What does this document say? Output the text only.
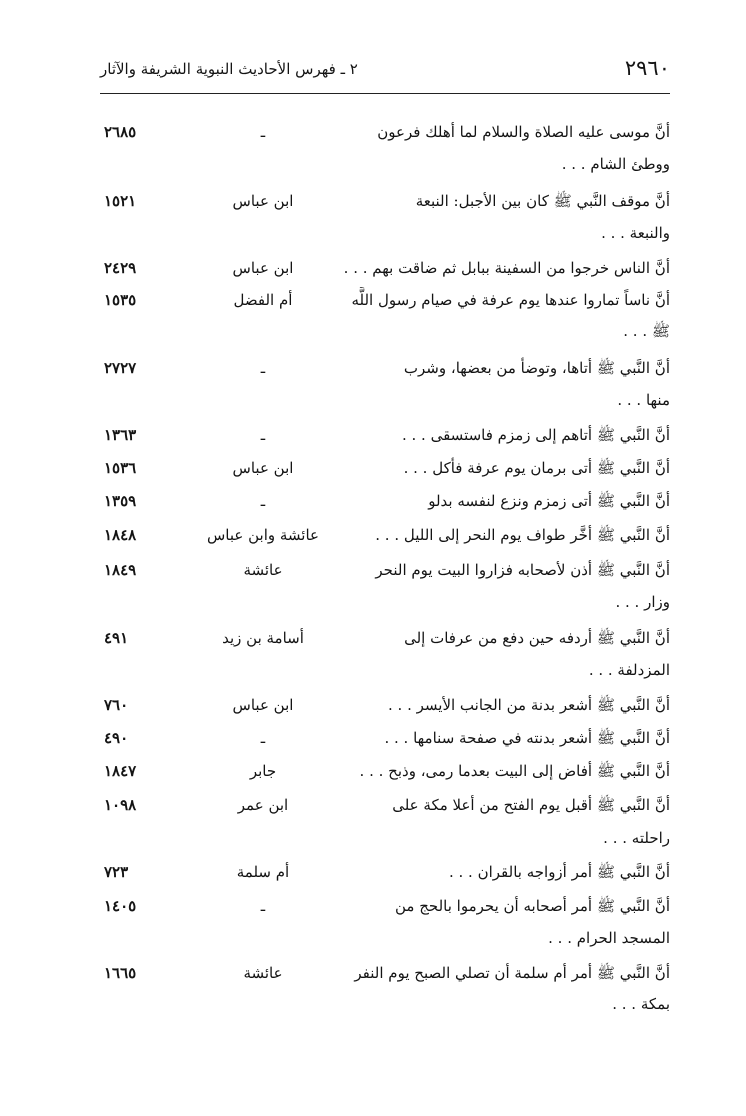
٢٩٦٠
٢ ـ فهرس الأحاديث النبوية الشريفة والآثار
أنَّ موسى عليه الصلاة والسلام لما أهلك فرعون
ـ
٢٦٨٥
ووطئ الشام . . .
أنَّ موقف النَّبي ﷺ كان بين الأجبل: النبعة
ابن عباس
١٥٢١
والنبعة . . .
أنَّ الناس خرجوا من السفينة ببابل ثم ضاقت بهم . . .
ابن عباس
٢٤٢٩
أنَّ ناساً تماروا عندها يوم عرفة في صيام رسول اللَّه
أم الفضل
١٥٣٥
ﷺ . . .
أنَّ النَّبي ﷺ أتاها، وتوضأ من بعضها، وشرب
ـ
٢٧٢٧
منها . . .
أنَّ النَّبي ﷺ أتاهم إلى زمزم فاستسقى . . .
ـ
١٣٦٣
أنَّ النَّبي ﷺ أتى برمان يوم عرفة فأكل . . .
ابن عباس
١٥٣٦
أنَّ النَّبي ﷺ أتى زمزم ونزع لنفسه بدلو
ـ
١٣٥٩
أنَّ النَّبي ﷺ أخَّر طواف يوم النحر إلى الليل . . .
عائشة وابن عباس
١٨٤٨
أنَّ النَّبي ﷺ أذن لأصحابه فزاروا البيت يوم النحر
عائشة
١٨٤٩
وزار . . .
أنَّ النَّبي ﷺ أردفه حين دفع من عرفات إلى
أسامة بن زيد
٤٩١
المزدلفة . . .
أنَّ النَّبي ﷺ أشعر بدنة من الجانب الأيسر . . .
ابن عباس
٧٦٠
أنَّ النَّبي ﷺ أشعر بدنته في صفحة سنامها . . .
ـ
٤٩٠
أنَّ النَّبي ﷺ أفاض إلى البيت بعدما رمى، وذبح . . .
جابر
١٨٤٧
أنَّ النَّبي ﷺ أقبل يوم الفتح من أعلا مكة على
ابن عمر
١٠٩٨
راحلته . . .
أنَّ النَّبي ﷺ أمر أزواجه بالقران . . .
أم سلمة
٧٢٣
أنَّ النَّبي ﷺ أمر أصحابه أن يحرموا بالحج من
ـ
١٤٠٥
المسجد الحرام . . .
أنَّ النَّبي ﷺ أمر أم سلمة أن تصلي الصبح يوم النفر
عائشة
١٦٦٥
بمكة . . .
